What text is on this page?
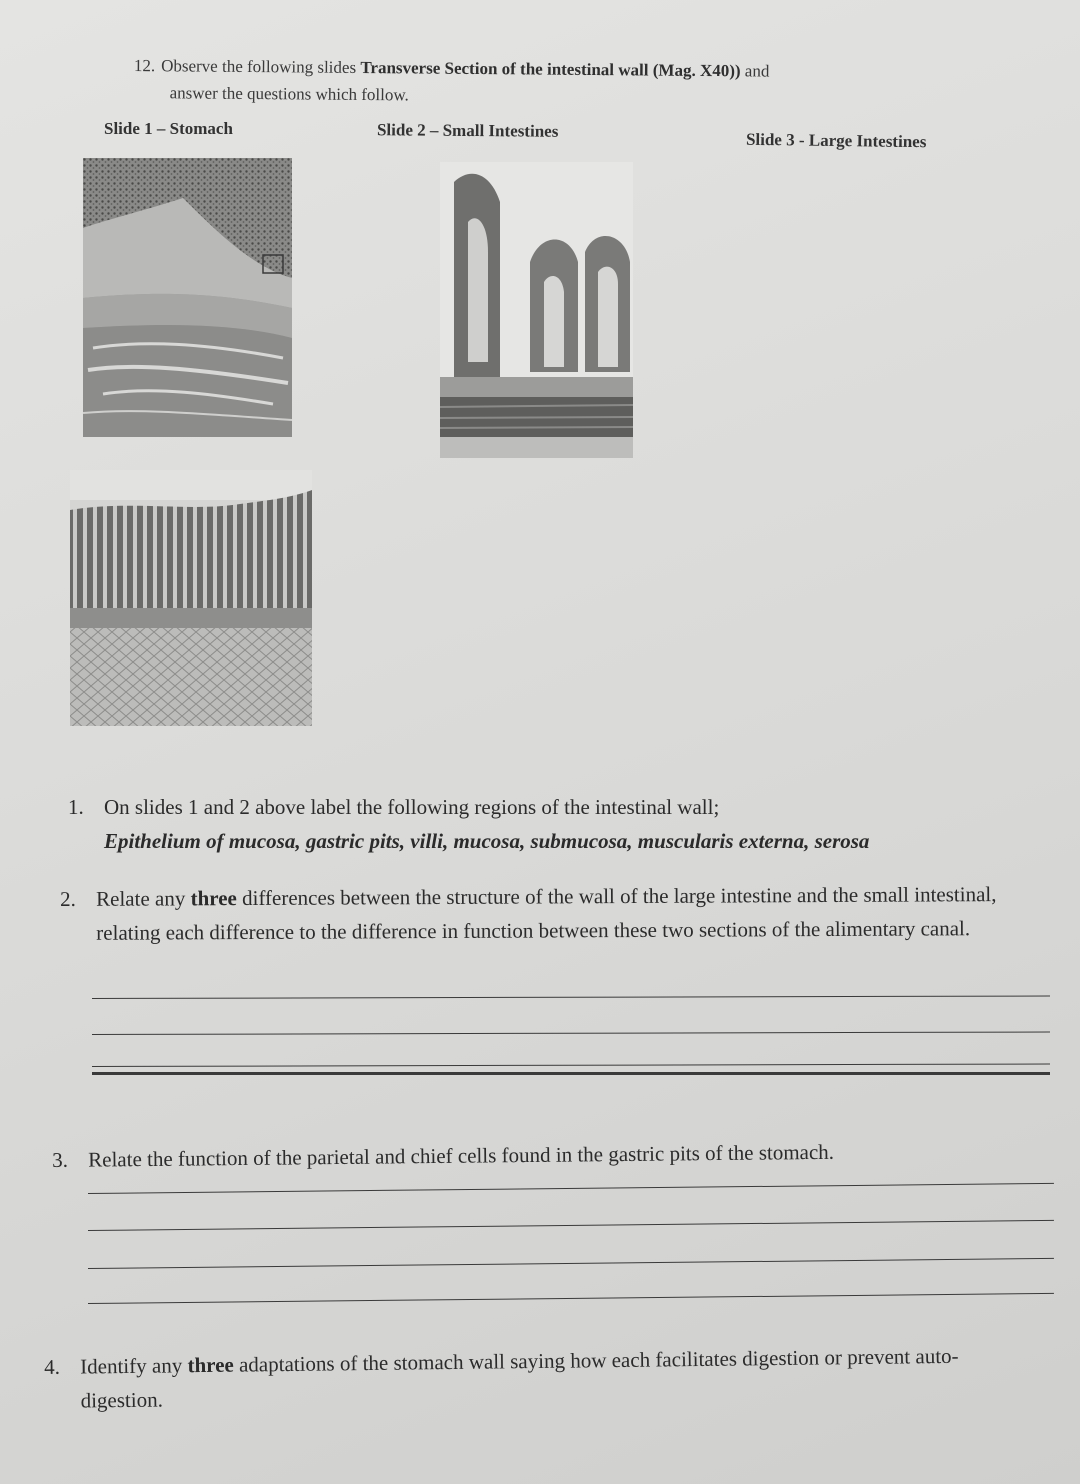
12. Observe the following slides Transverse Section of the intestinal wall (Mag. X40)) and
answer the questions which follow.
Slide 1 – Stomach	Slide 2 – Small Intestines	Slide 3 - Large Intestines
1. On slides 1 and 2 above label the following regions of the intestinal wall;
Epithelium of mucosa, gastric pits, villi, mucosa, submucosa, muscularis externa, serosa
2. Relate any three differences between the structure of the wall of the large intestine and the small intestinal, relating each difference to the difference in function between these two sections of the alimentary canal.
3. Relate the function of the parietal and chief cells found in the gastric pits of the stomach.
4. Identify any three adaptations of the stomach wall saying how each facilitates digestion or prevent auto-digestion.
